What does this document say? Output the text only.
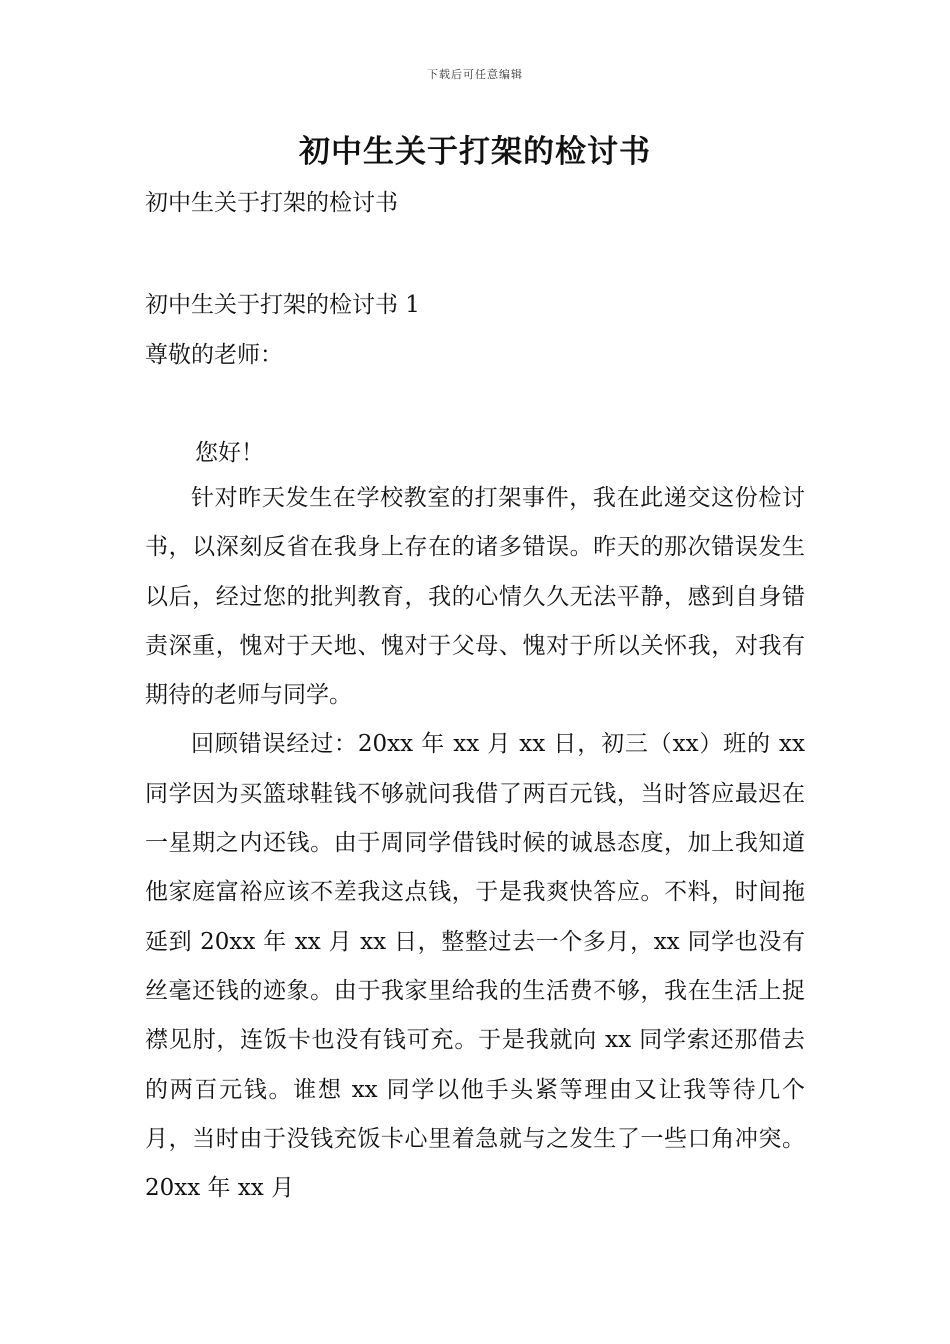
下载后可任意编辑
初中生关于打架的检讨书
初中生关于打架的检讨书
初中生关于打架的检讨书 1
尊敬的老师：
您好！

针对昨天发生在学校教室的打架事件，我在此递交这份检讨书，以深刻反省在我身上存在的诸多错误。昨天的那次错误发生以后，经过您的批判教育，我的心情久久无法平静，感到自身错责深重，愧对于天地、愧对于父母、愧对于所以关怀我，对我有期待的老师与同学。

回顾错误经过：20xx 年 xx 月 xx 日，初三（xx）班的 xx 同学因为买篮球鞋钱不够就问我借了两百元钱，当时答应最迟在一星期之内还钱。由于周同学借钱时候的诚恳态度，加上我知道他家庭富裕应该不差我这点钱，于是我爽快答应。不料，时间拖延到 20xx 年 xx 月 xx 日，整整过去一个多月，xx 同学也没有丝毫还钱的迹象。由于我家里给我的生活费不够，我在生活上捉襟见肘，连饭卡也没有钱可充。于是我就向 xx 同学索还那借去的两百元钱。谁想 xx 同学以他手头紧等理由又让我等待几个月，当时由于没钱充饭卡心里着急就与之发生了一些口角冲突。20xx 年 xx 月
